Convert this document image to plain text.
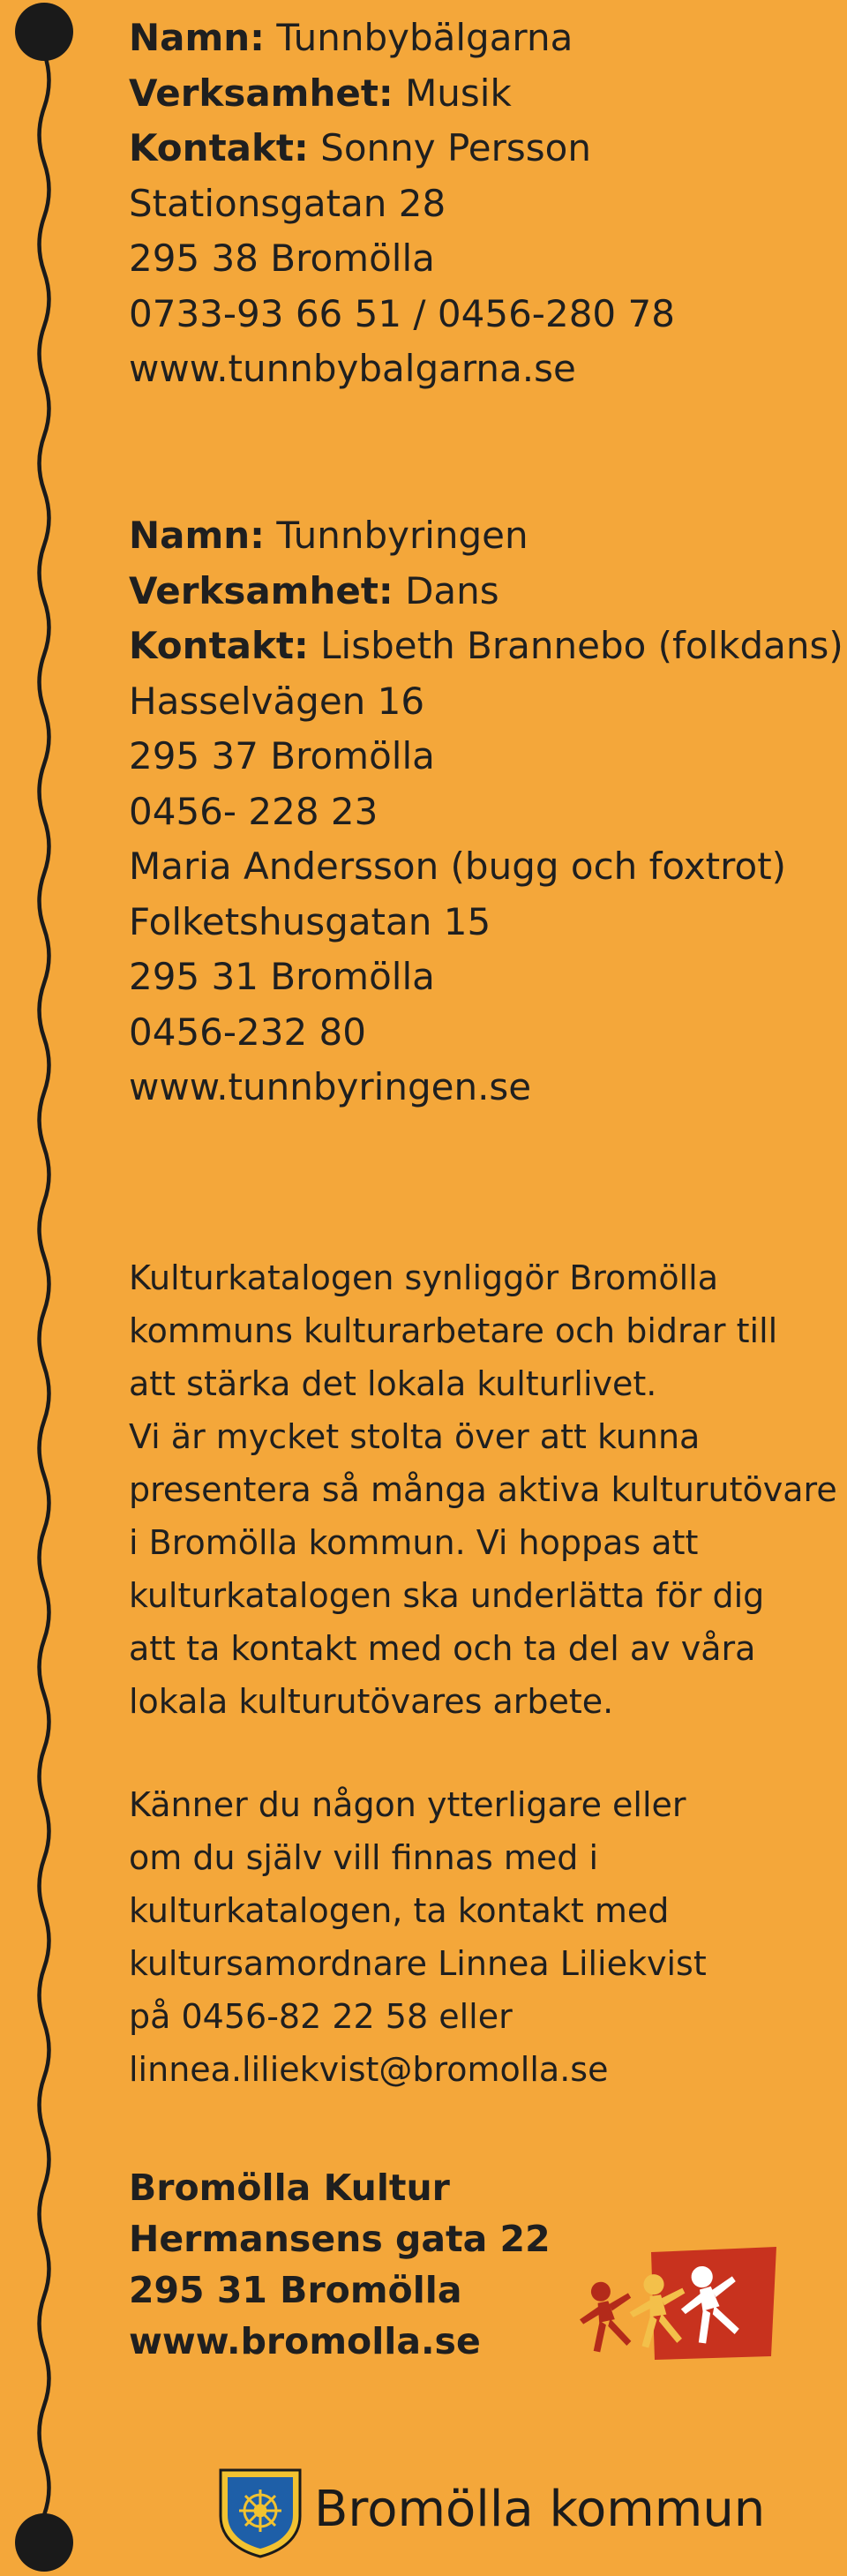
Namn: Tunnbybälgarna

Verksamhet: Musik

Kontakt: Sonny Persson

Stationsgatan 28

295 38 Bromölla

0733-93 66 51 / 0456-280 78

www.tunnbybalgarna.se

Namn: Tunnbyringen

Verksamhet: Dans

Kontakt: Lisbeth Brannebo (folkdans)

Hasselvägen 16

295 37 Bromölla

0456- 228 23

Maria Andersson (bugg och foxtrot)

Folketshusgatan 15

295 31 Bromölla

0456-232 80

www.tunnbyringen.se

Kulturkatalogen synliggör Bromölla

kommuns kulturarbetare och bidrar till

att stärka det lokala kulturlivet.

Vi är mycket stolta över att kunna

presentera så många aktiva kulturutövare

i Bromölla kommun. Vi hoppas att

kulturkatalogen ska underlätta för dig

att ta kontakt med och ta del av våra

lokala kulturutövares arbete.

Känner du någon ytterligare eller

om du själv vill finnas med i

kulturkatalogen, ta kontakt med

kultursamordnare Linnea Liliekvist

på 0456-82 22 58 eller

linnea.liliekvist@bromolla.se

Bromölla Kultur

Hermansens gata 22

295 31 Bromölla

www.bromolla.se

Bromölla kommun
